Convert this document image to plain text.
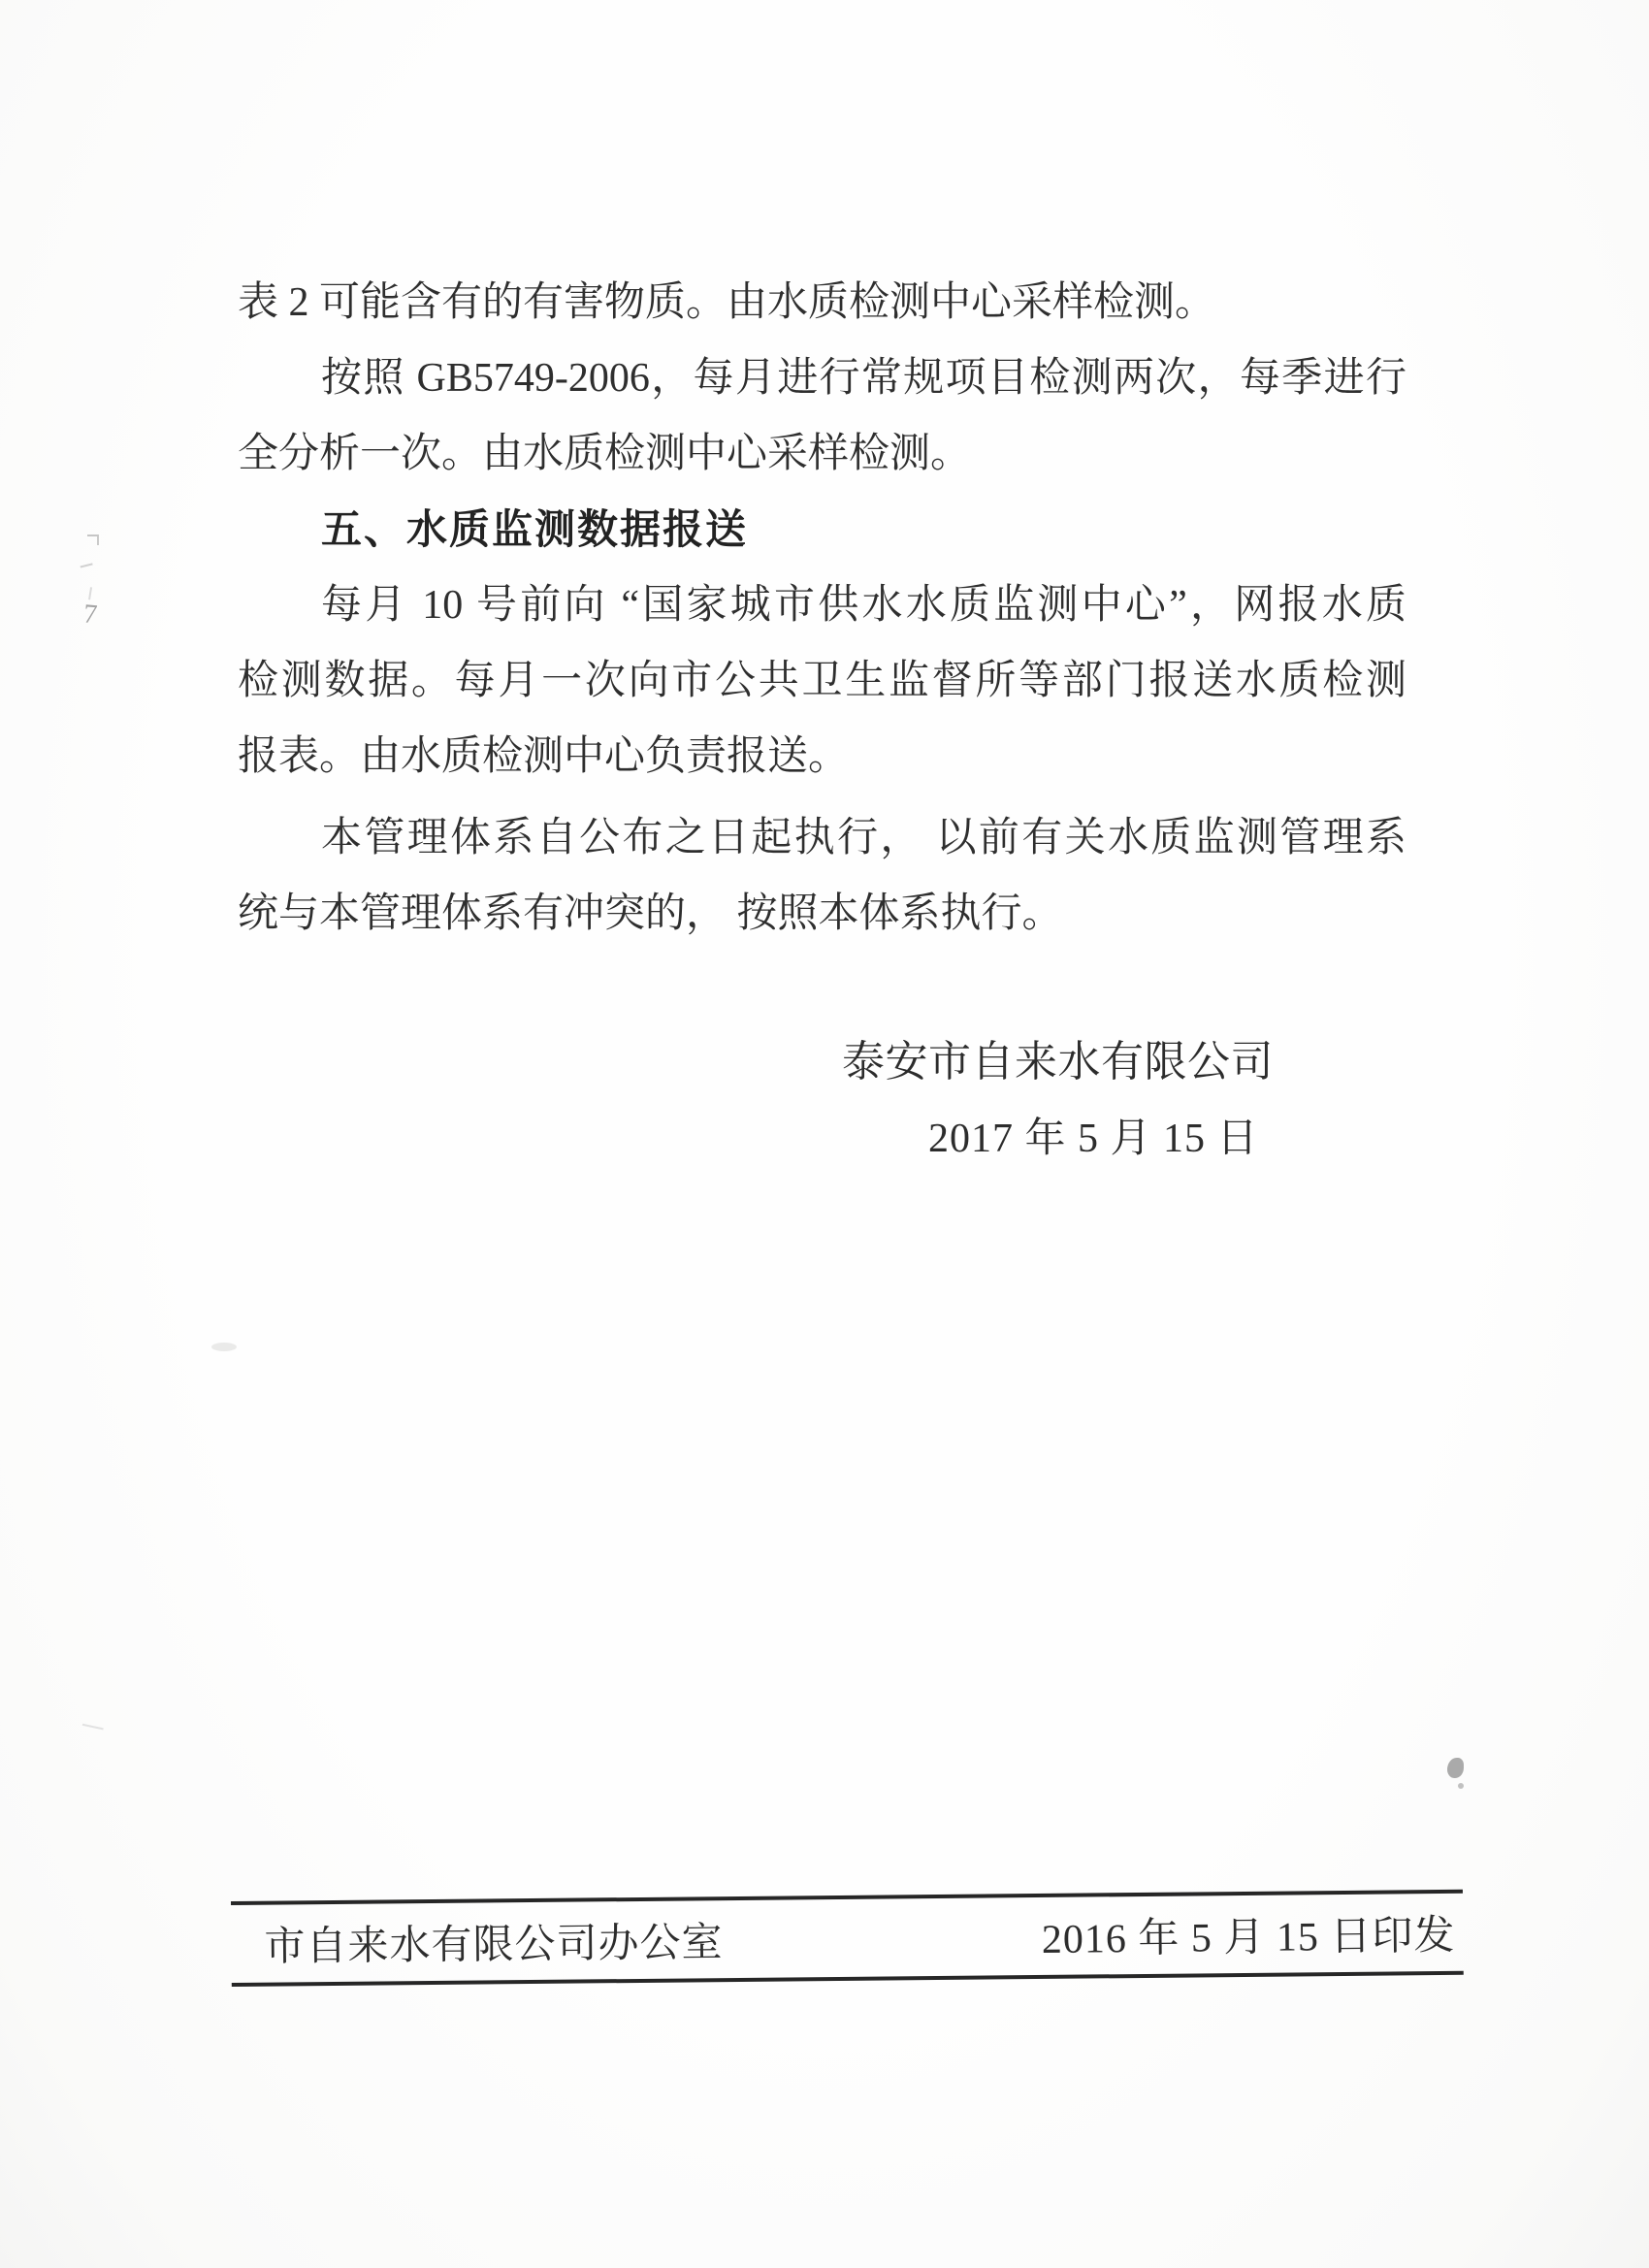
表 2 可能含有的有害物质。由水质检测中心采样检测。
按照 GB5749-2006，每月进行常规项目检测两次，每季进行
全分析一次。由水质检测中心采样检测。
五、水质监测数据报送
每月 10 号前向 “国家城市供水水质监测中心”，网报水质
检测数据。每月一次向市公共卫生监督所等部门报送水质检测
报表。由水质检测中心负责报送。
本管理体系自公布之日起执行， 以前有关水质监测管理系
统与本管理体系有冲突的， 按照本体系执行。
泰安市自来水有限公司
2017 年 5 月 15 日
市自来水有限公司办公室	2016 年 5 月 15 日印发
7
